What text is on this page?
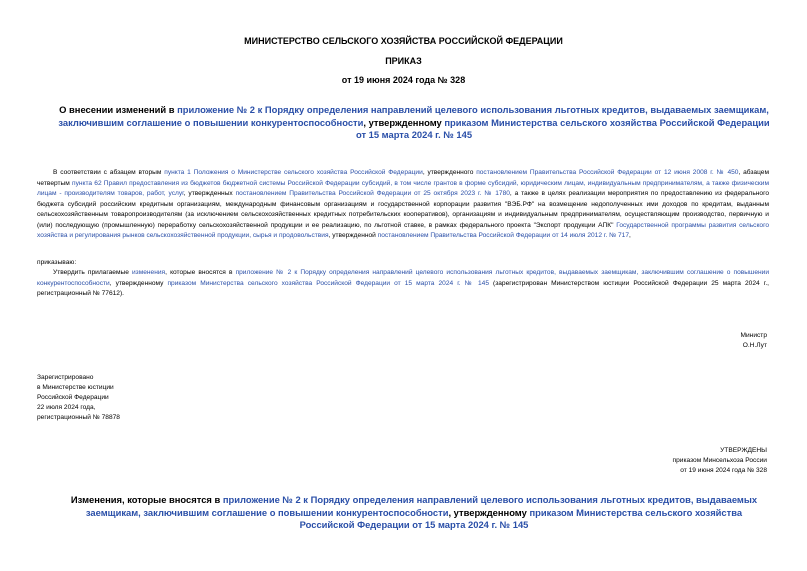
МИНИСТЕРСТВО СЕЛЬСКОГО ХОЗЯЙСТВА РОССИЙСКОЙ ФЕДЕРАЦИИ
ПРИКАЗ
от 19 июня 2024 года № 328
О внесении изменений в приложение № 2 к Порядку определения направлений целевого использования льготных кредитов, выдаваемых заемщикам, заключившим соглашение о повышении конкурентоспособности, утвержденному приказом Министерства сельского хозяйства Российской Федерации от 15 марта 2024 г. № 145
В соответствии с абзацем вторым пункта 1 Положения о Министерстве сельского хозяйства Российской Федерации, утвержденного постановлением Правительства Российской Федерации от 12 июня 2008 г. № 450, абзацем четвертым пункта 62 Правил предоставления из бюджетов бюджетной системы Российской Федерации субсидий, в том числе грантов в форме субсидий, юридическим лицам, индивидуальным предпринимателям, а также физическим лицам - производителям товаров, работ, услуг, утвержденных постановлением Правительства Российской Федерации от 25 октября 2023 г. № 1780, а также в целях реализации мероприятия по предоставлению из федерального бюджета субсидий российским кредитным организациям, международным финансовым организациям и государственной корпорации развития "ВЭБ.РФ" на возмещение недополученных ими доходов по кредитам, выданным сельскохозяйственным товаропроизводителям (за исключением сельскохозяйственных кредитных потребительских кооперативов), организациям и индивидуальным предпринимателям, осуществляющим производство, первичную и (или) последующую (промышленную) переработку сельскохозяйственной продукции и ее реализацию, по льготной ставке, в рамках федерального проекта "Экспорт продукции АПК" Государственной программы развития сельского хозяйства и регулирования рынков сельскохозяйственной продукции, сырья и продовольствия, утвержденной постановлением Правительства Российской Федерации от 14 июля 2012 г. № 717,
приказываю:
Утвердить прилагаемые изменения, которые вносятся в приложение № 2 к Порядку определения направлений целевого использования льготных кредитов, выдаваемых заемщикам, заключившим соглашение о повышении конкурентоспособности, утвержденному приказом Министерства сельского хозяйства Российской Федерации от 15 марта 2024 г. № 145 (зарегистрирован Министерством юстиции Российской Федерации 25 марта 2024 г., регистрационный № 77612).
Министр
О.Н.Лут
Зарегистрировано
в Министерстве юстиции
Российской Федерации
22 июля 2024 года,
регистрационный № 78878
УТВЕРЖДЕНЫ
приказом Минсельхоза России
от 19 июня 2024 года № 328
Изменения, которые вносятся в приложение № 2 к Порядку определения направлений целевого использования льготных кредитов, выдаваемых заемщикам, заключившим соглашение о повышении конкурентоспособности, утвержденному приказом Министерства сельского хозяйства Российской Федерации от 15 марта 2024 г. № 145
